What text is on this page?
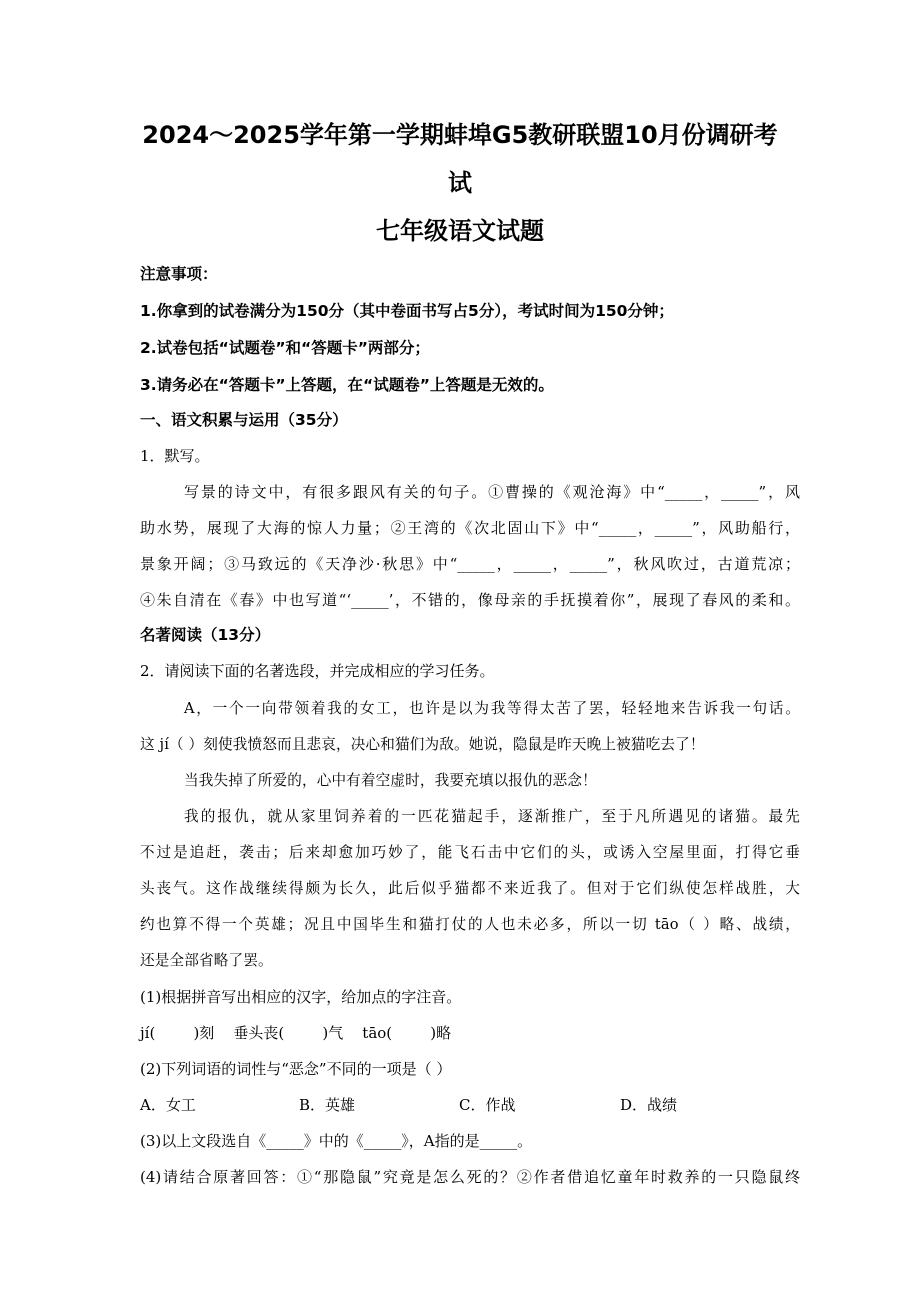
2024～2025学年第一学期蚌埠G5教研联盟10月份调研考
试
七年级语文试题
注意事项：
1.你拿到的试卷满分为150分（其中卷面书写占5分），考试时间为150分钟；
2.试卷包括“试题卷”和“答题卡”两部分；
3.请务必在“答题卡”上答题，在“试题卷”上答题是无效的。
一、语文积累与运用（35分）
1．默写。
写景的诗文中，有很多跟风有关的句子。①曹操的《观沧海》中“_____，_____”，风
助水势，展现了大海的惊人力量；②王湾的《次北固山下》中“_____，_____”，风助船行，
景象开阔；③马致远的《天净沙·秋思》中“_____，_____，_____”，秋风吹过，古道荒凉；
④朱自清在《春》中也写道“‘_____’，不错的，像母亲的手抚摸着你”，展现了春风的柔和。
名著阅读（13分）
2．请阅读下面的名著选段，并完成相应的学习任务。
A，一个一向带领着我的女工，也许是以为我等得太苦了罢，轻轻地来告诉我一句话。
这 jí（ ）刻使我愤怒而且悲哀，决心和猫们为敌。她说，隐鼠是昨天晚上被猫吃去了！
当我失掉了所爱的，心中有着空虚时，我要充填以报仇的恶念！
我的报仇，就从家里饲养着的一匹花猫起手，逐渐推广，至于凡所遇见的诸猫。最先
不过是追赶，袭击；后来却愈加巧妙了，能飞石击中它们的头，或诱入空屋里面，打得它垂
头丧气。这作战继续得颇为长久，此后似乎猫都不来近我了。但对于它们纵使怎样战胜，大
约也算不得一个英雄；况且中国毕生和猫打仗的人也未必多，所以一切 tāo（ ）略、战绩，
还是全部省略了罢。
(1)根据拼音写出相应的汉字，给加点的字注音。
jí(        )刻    垂头丧(        )气    tāo(        )略
(2)下列词语的词性与“恶念”不同的一项是（ ）
A．女工	B．英雄	C．作战	D．战绩
(3)以上文段选自《_____》中的《_____》，A指的是_____。
(4)请结合原著回答：①“那隐鼠”究竟是怎么死的？②作者借追忆童年时救养的一只隐鼠终
